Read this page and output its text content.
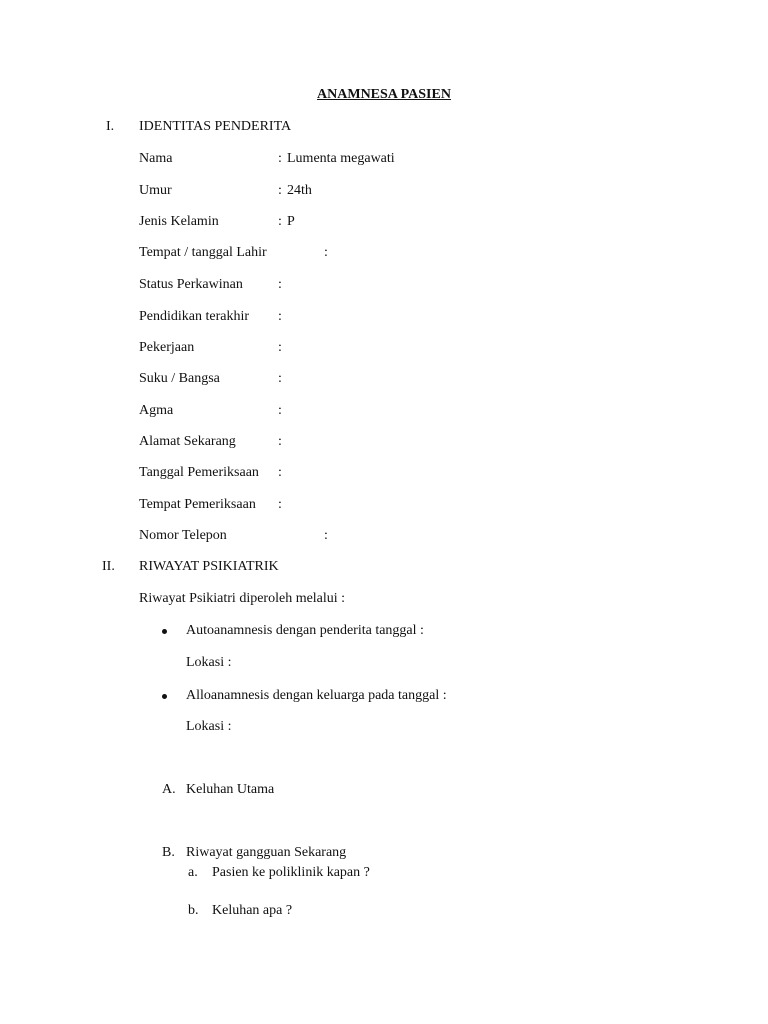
ANAMNESA PASIEN
I. IDENTITAS PENDERITA
Nama	: Lumenta megawati
Umur	: 24th
Jenis Kelamin	: P
Tempat / tanggal Lahir	:
Status Perkawinan	:
Pendidikan terakhir :
Pekerjaan	:
Suku / Bangsa	:
Agma	:
Alamat Sekarang	:
Tanggal Pemeriksaan :
Tempat Pemeriksaan :
Nomor Telepon	:
II. RIWAYAT PSIKIATRIK
Riwayat Psikiatri diperoleh melalui :
Autoanamnesis dengan penderita tanggal :
Lokasi :
Alloanamnesis dengan keluarga pada tanggal :
Lokasi :
A. Keluhan Utama
B. Riwayat gangguan Sekarang
a. Pasien ke poliklinik kapan ?
b. Keluhan apa ?
